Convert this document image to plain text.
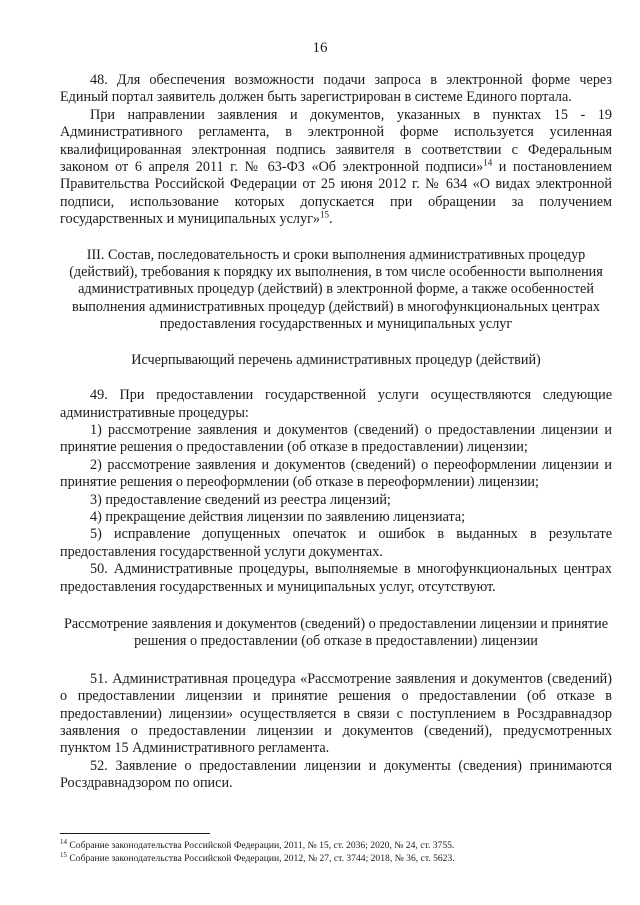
16

48. Для обеспечения возможности подачи запроса в электронной форме через Единый портал заявитель должен быть зарегистрирован в системе Единого портала.

При направлении заявления и документов, указанных в пунктах 15 - 19 Административного регламента, в электронной форме используется усиленная квалифицированная электронная подпись заявителя в соответствии с Федеральным законом от 6 апреля 2011 г. № 63-ФЗ «Об электронной подписи»$^{14}$ и постановлением Правительства Российской Федерации от 25 июня 2012 г. № 634 «О видах электронной подписи, использование которых допускается при обращении за получением государственных и муниципальных услуг»$^{15}$.

III. Состав, последовательность и сроки выполнения административных процедур (действий), требования к порядку их выполнения, в том числе особенности выполнения административных процедур (действий) в электронной форме, а также особенностей выполнения административных процедур (действий) в многофункциональных центрах предоставления государственных и муниципальных услуг

Исчерпывающий перечень административных процедур (действий)

49. При предоставлении государственной услуги осуществляются следующие административные процедуры:

1) рассмотрение заявления и документов (сведений) о предоставлении лицензии и принятие решения о предоставлении (об отказе в предоставлении) лицензии;

2) рассмотрение заявления и документов (сведений) о переоформлении лицензии и принятие решения о переоформлении (об отказе в переоформлении) лицензии;

3) предоставление сведений из реестра лицензий;

4) прекращение действия лицензии по заявлению лицензиата;

5) исправление допущенных опечаток и ошибок в выданных в результате предоставления государственной услуги документах.

50. Административные процедуры, выполняемые в многофункциональных центрах предоставления государственных и муниципальных услуг, отсутствуют.

Рассмотрение заявления и документов (сведений) о предоставлении лицензии и принятие решения о предоставлении (об отказе в предоставлении) лицензии

51. Административная процедура «Рассмотрение заявления и документов (сведений) о предоставлении лицензии и принятие решения о предоставлении (об отказе в предоставлении) лицензии» осуществляется в связи с поступлением в Росздравнадзор заявления о предоставлении лицензии и документов (сведений), предусмотренных пунктом 15 Административного регламента.

52. Заявление о предоставлении лицензии и документы (сведения) принимаются Росздравнадзором по описи.

$^{14}$ Собрание законодательства Российской Федерации, 2011, № 15, ст. 2036; 2020, № 24, ст. 3755.

$^{15}$ Собрание законодательства Российской Федерации, 2012, № 27, ст. 3744; 2018, № 36, ст. 5623.
